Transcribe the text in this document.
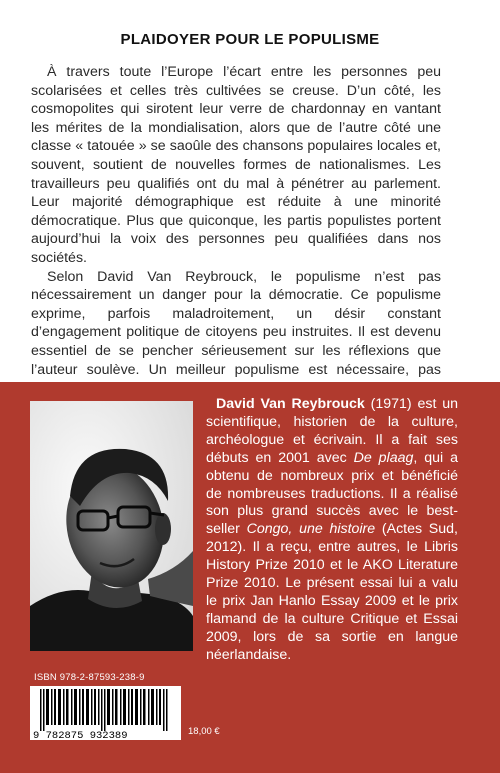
PLAIDOYER POUR LE POPULISME

À travers toute l’Europe l’écart entre les personnes peu scolarisées et celles très cultivées se creuse. D’un côté, les cosmopolites qui sirotent leur verre de chardonnay en vantant les mérites de la mondialisation, alors que de l’autre côté une classe « tatouée » se saoûle des chansons populaires locales et, souvent, soutient de nouvelles formes de nationalismes. Les travailleurs peu qualifiés ont du mal à pénétrer au parlement. Leur majorité démographique est réduite à une minorité démocratique. Plus que quiconque, les partis populistes portent aujourd’hui la voix des personnes peu qualifiées dans nos sociétés.

Selon David Van Reybrouck, le populisme n’est pas nécessairement un danger pour la démocratie. Ce populisme exprime, parfois maladroitement, un désir constant d’engagement politique de citoyens peu instruites. Il est devenu essentiel de se pencher sérieusement sur les réflexions que l’auteur soulève. Un meilleur populisme est nécessaire, pas

David Van Reybrouck (1971) est un scientifique, historien de la culture, archéologue et écrivain. Il a fait ses débuts en 2001 avec De plaag, qui a obtenu de nombreux prix et bénéficié de nombreuses traductions. Il a réalisé son plus grand succès avec le best-seller Congo, une histoire (Actes Sud, 2012). Il a reçu, entre autres, le Libris History Prize 2010 et le AKO Literature Prize 2010. Le présent essai lui a valu le prix Jan Hanlo Essay 2009 et le prix flamand de la culture Critique et Essai 2009, lors de sa sortie en langue néerlandaise.

ISBN 978-2-87593-238-9
9 782875 932389	18,00 €
